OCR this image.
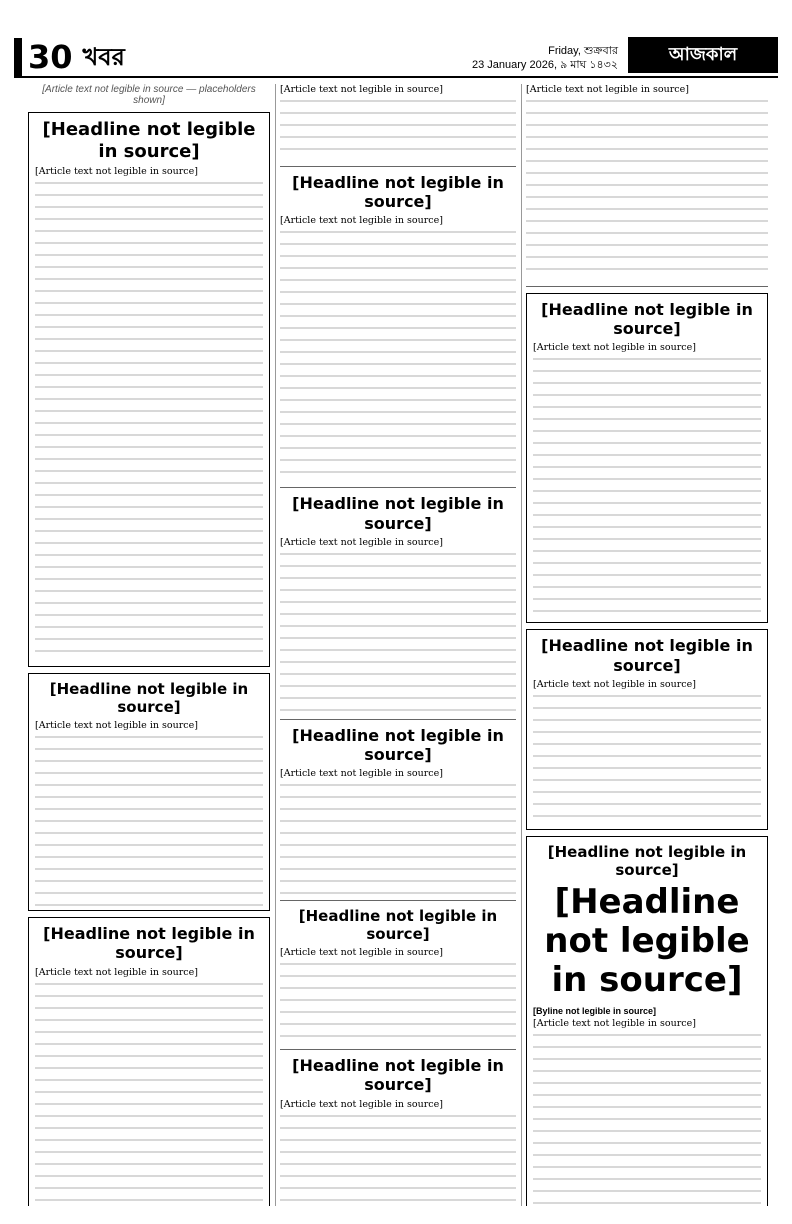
30 খবর	Friday, শুক্রবার
23 January 2026, ৯ মাঘ ১৪৩২
আজকাল
[Article text not legible in source — placeholders shown]
[Headline not legible in source]

[Article text not legible in source]

[Headline not legible in source]

[Article text not legible in source]

[Headline not legible in source]

[Article text not legible in source]

[Article text not legible in source]

[Headline not legible in source]

[Article text not legible in source]

[Headline not legible in source]

[Article text not legible in source]

[Headline not legible in source]

[Article text not legible in source]

[Headline not legible in source]

[Article text not legible in source]

[Headline not legible in source]

[Article text not legible in source]

[Article text not legible in source]

[Headline not legible in source]

[Article text not legible in source]

[Headline not legible in source]

[Article text not legible in source]

[Headline not legible in source]
[Headline not legible in source]
[Byline not legible in source]

[Article text not legible in source]
